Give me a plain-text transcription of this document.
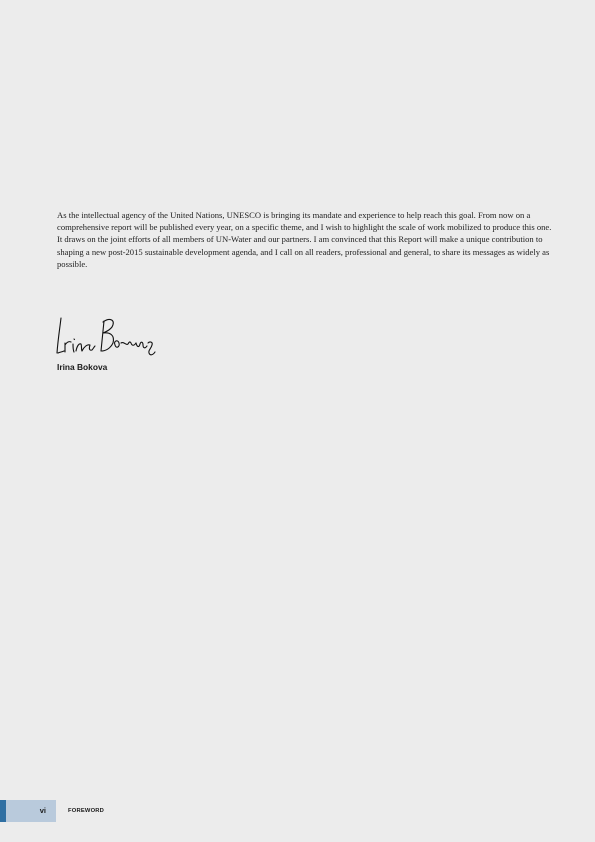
As the intellectual agency of the United Nations, UNESCO is bringing its mandate and experience to help reach this goal. From now on a comprehensive report will be published every year, on a specific theme, and I wish to highlight the scale of work mobilized to produce this one. It draws on the joint efforts of all members of UN-Water and our partners. I am convinced that this Report will make a unique contribution to shaping a new post-2015 sustainable development agenda, and I call on all readers, professional and general, to share its messages as widely as possible.

Irina Bokova
vi	FOREWORD
